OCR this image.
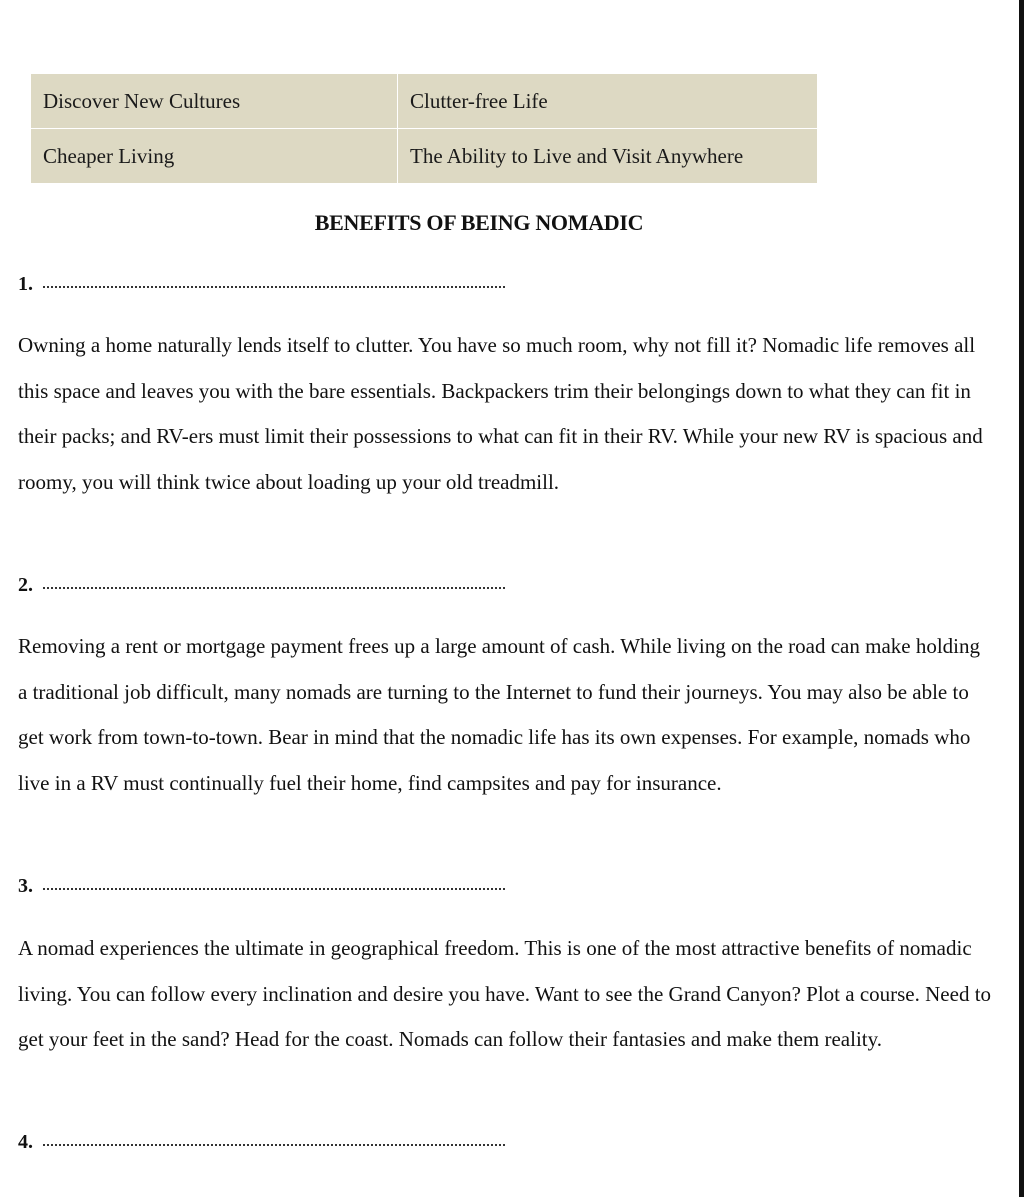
Discover New Cultures	Clutter-free Life
Cheaper Living	The Ability to Live and Visit Anywhere
BENEFITS OF BEING NOMADIC
1.

Owning a home naturally lends itself to clutter. You have so much room, why not fill it? Nomadic life removes all this space and leaves you with the bare essentials. Backpackers trim their belongings down to what they can fit in their packs; and RV-ers must limit their possessions to what can fit in their RV. While your new RV is spacious and roomy, you will think twice about loading up your old treadmill.

2.

Removing a rent or mortgage payment frees up a large amount of cash. While living on the road can make holding a traditional job difficult, many nomads are turning to the Internet to fund their journeys. You may also be able to get work from town-to-town. Bear in mind that the nomadic life has its own expenses. For example, nomads who live in a RV must continually fuel their home, find campsites and pay for insurance.

3.

A nomad experiences the ultimate in geographical freedom. This is one of the most attractive benefits of nomadic living. You can follow every inclination and desire you have. Want to see the Grand Canyon? Plot a course. Need to get your feet in the sand? Head for the coast. Nomads can follow their fantasies and make them reality.

4.
